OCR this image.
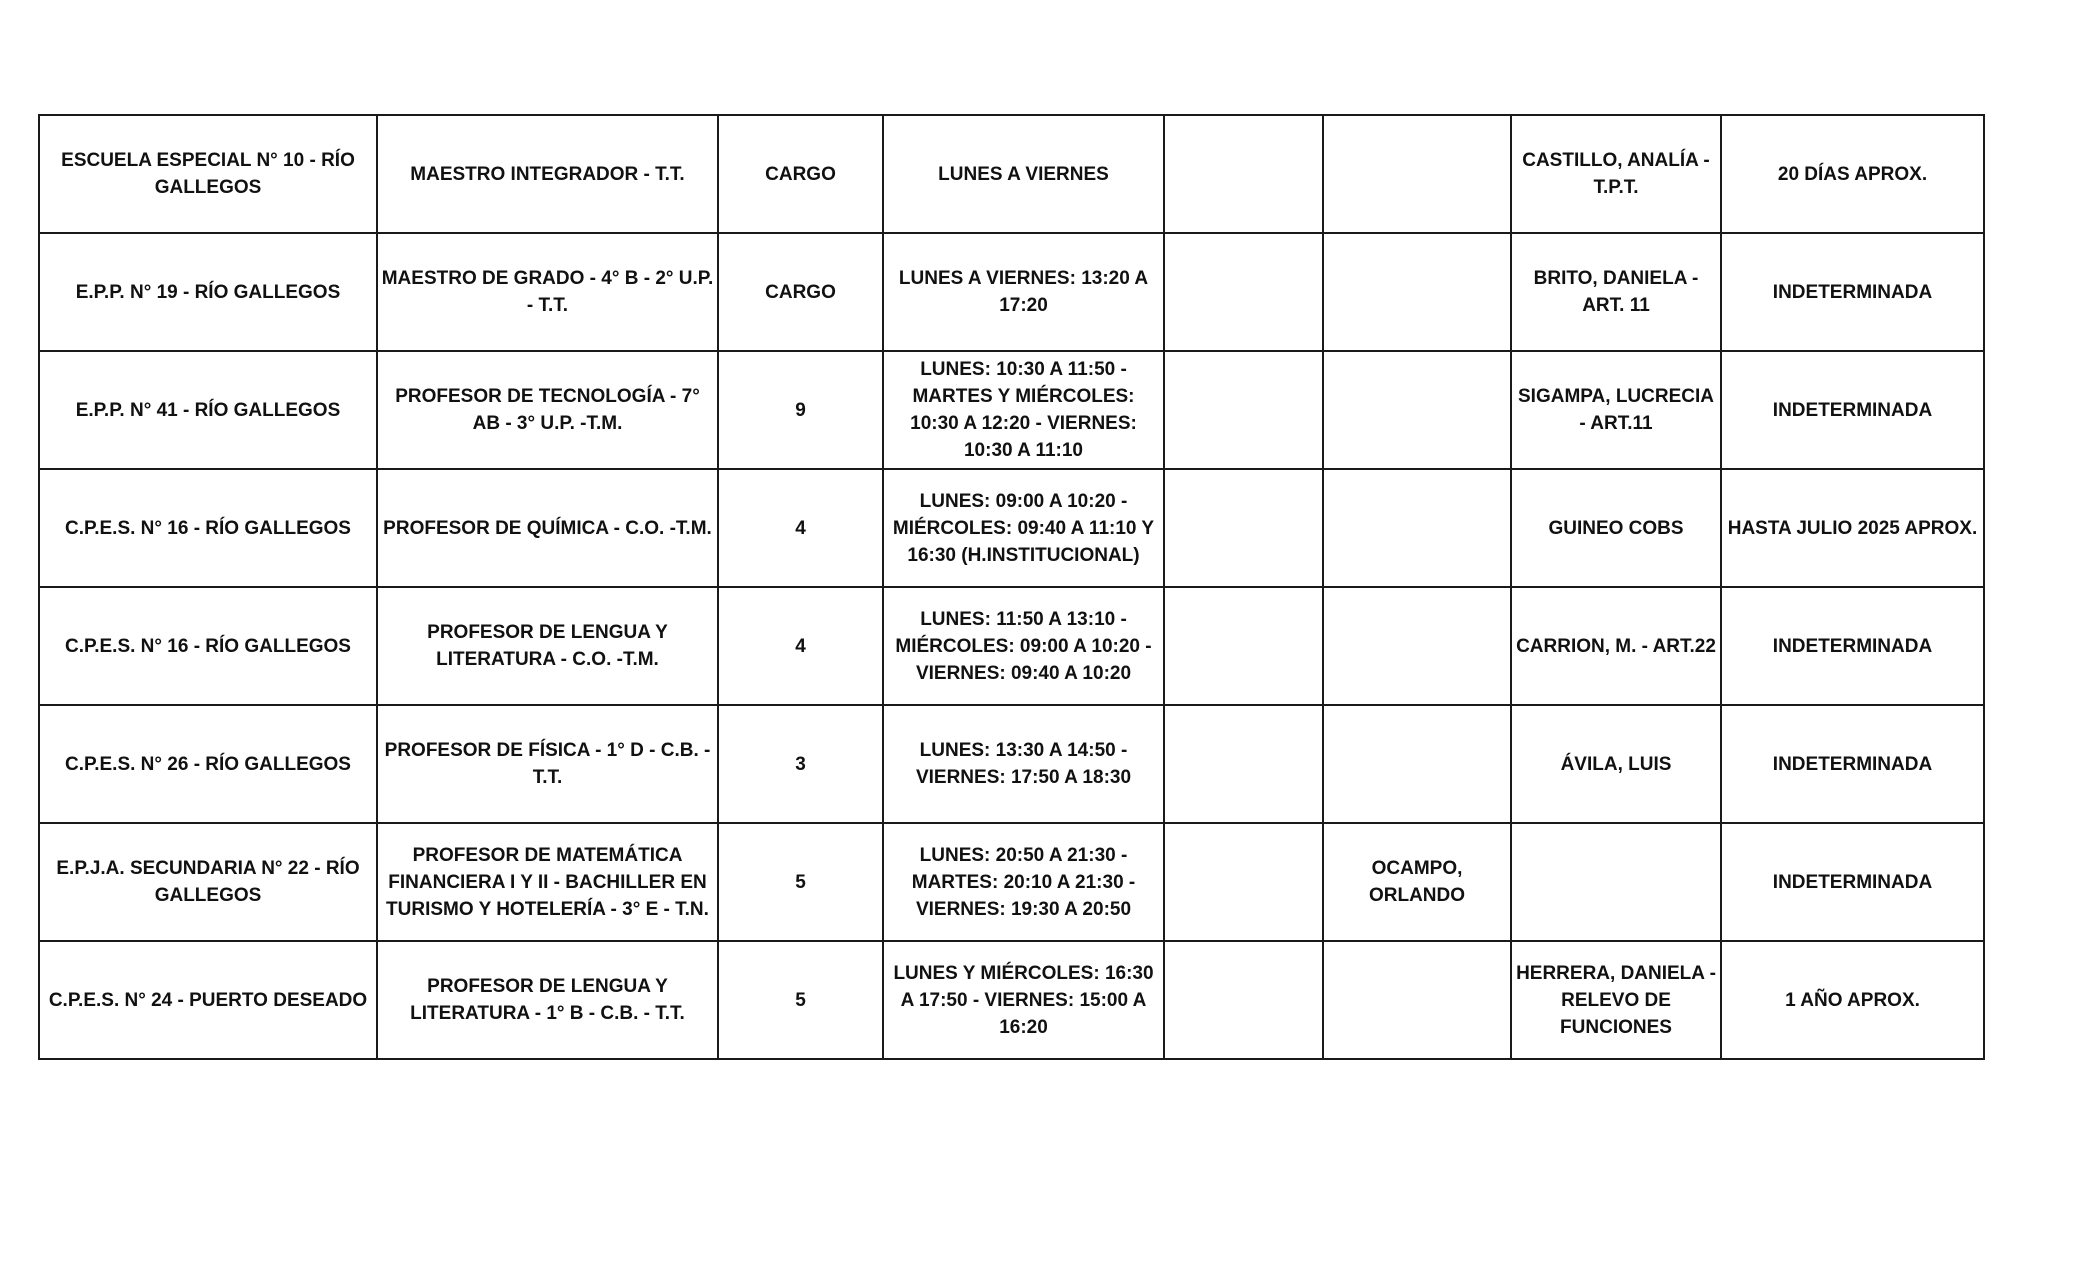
ESCUELA ESPECIAL N° 10 - RÍO GALLEGOS	MAESTRO INTEGRADOR - T.T.	CARGO	LUNES A VIERNES			CASTILLO, ANALÍA - T.P.T.	20 DÍAS APROX.
E.P.P. N° 19 - RÍO GALLEGOS	MAESTRO DE GRADO - 4° B - 2° U.P. - T.T.	CARGO	LUNES A VIERNES: 13:20 A 17:20			BRITO, DANIELA - ART. 11	INDETERMINADA
E.P.P. N° 41 - RÍO GALLEGOS	PROFESOR DE TECNOLOGÍA - 7° AB - 3° U.P. -T.M.	9	LUNES: 10:30 A 11:50 - MARTES Y MIÉRCOLES: 10:30 A 12:20 - VIERNES: 10:30 A 11:10			SIGAMPA, LUCRECIA - ART.11	INDETERMINADA
C.P.E.S. N° 16 - RÍO GALLEGOS	PROFESOR DE QUÍMICA - C.O. -T.M.	4	LUNES: 09:00 A 10:20 - MIÉRCOLES: 09:40 A 11:10 Y 16:30 (H.INSTITUCIONAL)			GUINEO COBS	HASTA JULIO 2025 APROX.
C.P.E.S. N° 16 - RÍO GALLEGOS	PROFESOR DE LENGUA Y LITERATURA - C.O. -T.M.	4	LUNES: 11:50 A 13:10 - MIÉRCOLES: 09:00 A 10:20 - VIERNES: 09:40 A 10:20			CARRION, M. - ART.22	INDETERMINADA
C.P.E.S. N° 26 - RÍO GALLEGOS	PROFESOR DE FÍSICA - 1° D - C.B. - T.T.	3	LUNES: 13:30 A 14:50 - VIERNES: 17:50 A 18:30			ÁVILA, LUIS	INDETERMINADA
E.P.J.A. SECUNDARIA N° 22 - RÍO GALLEGOS	PROFESOR DE MATEMÁTICA FINANCIERA I Y II - BACHILLER EN TURISMO Y HOTELERÍA - 3° E - T.N.	5	LUNES: 20:50 A 21:30 - MARTES: 20:10 A 21:30 - VIERNES: 19:30 A 20:50		OCAMPO, ORLANDO		INDETERMINADA
C.P.E.S. N° 24 - PUERTO DESEADO	PROFESOR DE LENGUA Y LITERATURA - 1° B - C.B. - T.T.	5	LUNES Y MIÉRCOLES: 16:30 A 17:50 - VIERNES: 15:00 A 16:20			HERRERA, DANIELA - RELEVO DE FUNCIONES	1 AÑO APROX.
